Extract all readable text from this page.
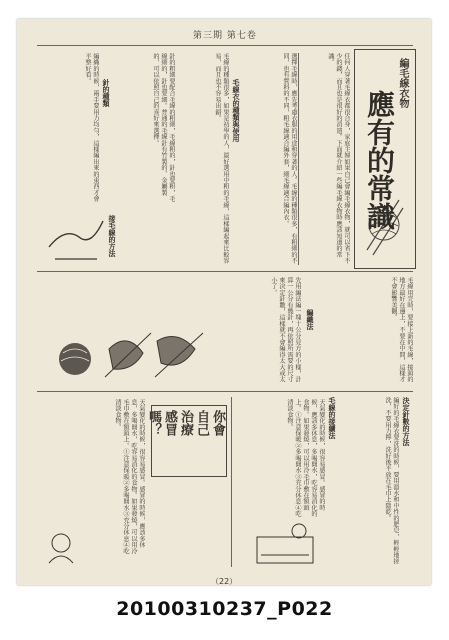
第三期 第七卷
編毛線衣物
應有的常識
任何人穿著毛線衣都很合身，家庭主婦如果自己會編毛線衣物，就可以省下不少的錢，而且也是很好的消遣。下面就介紹一些編毛線衣物時應該知道的常識。
選擇毛線時，應先考慮衣服的用途和穿著的人。毛線的種類很多，有粗細的不同，也有質料的不同，粗毛線適合編外套，細毛線適合編內衣。
毛線衣的種類與使用
毛線的種類很多，如果是初學的人，最好選用中粗的毛線，這樣編起來比較容易，而且也不容易出錯。
針的粗細要配合毛線的粗細，毛線粗的，針也要粗，毛線細的，針也要細。普通的毛線針有竹製的、金屬製的，可以依照自己的喜好來選擇。
針的種類
編織的時候，兩手要用力均勻，這樣編出來的東西才會平整好看。
接毛線的方法
毛線用完時，要接上新的毛線，接頭的地方最好在邊上，不要在中間，這樣才不會影響美觀。
編織法
先用編法編一塊十公分見方的小樣，計算一公分有幾針，再依照所需要的尺寸來決定針數，這樣就不會編得太大或太小了。
決定針數的方法
編好的毛線衣要洗的時候，要用溫水和中性的肥皂，輕輕地搓洗，不要用力擰，洗好後平放在毛巾上陰乾。
毛線的接續法
你會
自己
治療
感冒
嗎？	天氣變化的時候，很容易感冒。感冒的時候，應該多休息，多喝開水，吃容易消化的食物。如果發燒，可以用冷毛巾敷在額頭上。①注意保暖②多喝開水③充分休息④吃清淡食物。
天氣變化的時候，很容易感冒。感冒的時候，應該多休息，多喝開水，吃容易消化的食物。如果發燒，可以用冷毛巾敷在額頭上。①注意保暖②多喝開水③充分休息④吃清淡食物。
（22）
20100310237_P022
